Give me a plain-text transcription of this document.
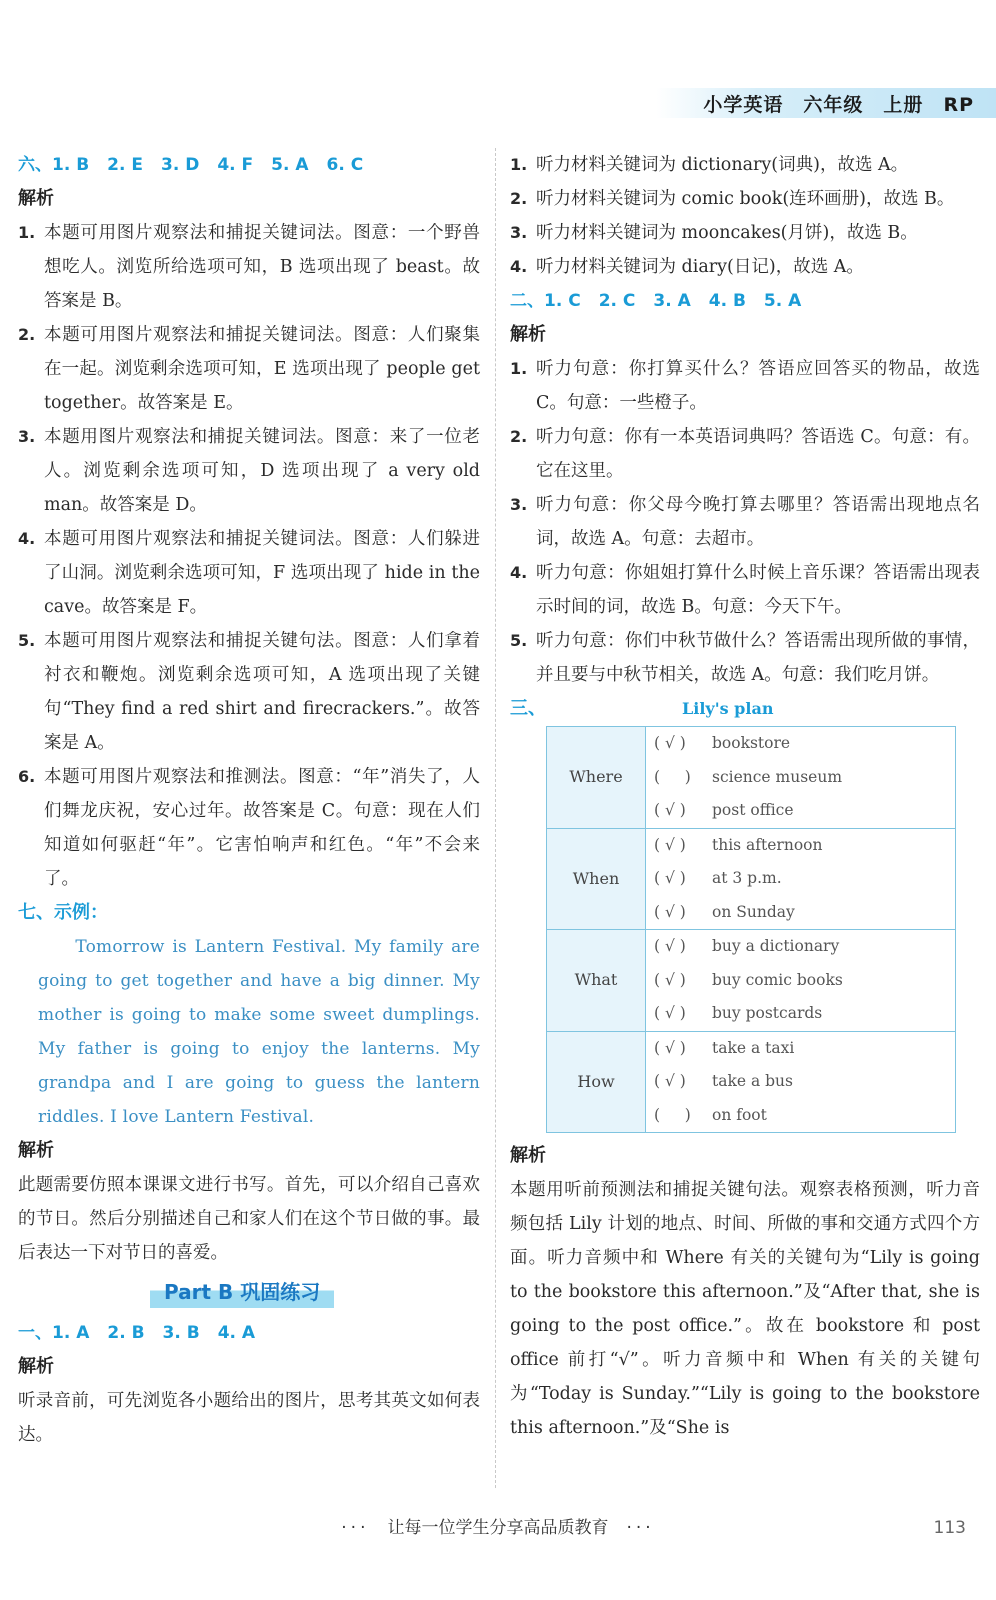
小学英语 六年级 上册 RP
六、1. B 2. E 3. D 4. F 5. A 6. C
解析
1. 本题可用图片观察法和捕捉关键词法。图意：一个野兽想吃人。浏览所给选项可知，B 选项出现了 beast。故答案是 B。
2. 本题可用图片观察法和捕捉关键词法。图意：人们聚集在一起。浏览剩余选项可知，E 选项出现了 people get together。故答案是 E。
3. 本题用图片观察法和捕捉关键词法。图意：来了一位老人。浏览剩余选项可知，D 选项出现了 a very old man。故答案是 D。
4. 本题可用图片观察法和捕捉关键词法。图意：人们躲进了山洞。浏览剩余选项可知，F 选项出现了 hide in the cave。故答案是 F。
5. 本题可用图片观察法和捕捉关键句法。图意：人们拿着衬衣和鞭炮。浏览剩余选项可知，A 选项出现了关键句“They find a red shirt and firecrackers.”。故答案是 A。
6. 本题可用图片观察法和推测法。图意：“年”消失了，人们舞龙庆祝，安心过年。故答案是 C。句意：现在人们知道如何驱赶“年”。它害怕响声和红色。“年”不会来了。
七、示例：
Tomorrow is Lantern Festival. My family are going to get together and have a big dinner. My mother is going to make some sweet dumplings. My father is going to enjoy the lanterns. My grandpa and I are going to guess the lantern riddles. I love Lantern Festival.
解析
此题需要仿照本课课文进行书写。首先，可以介绍自己喜欢的节日。然后分别描述自己和家人们在这个节日做的事。最后表达一下对节日的喜爱。
Part B 巩固练习
一、1. A 2. B 3. B 4. A
解析
听录音前，可先浏览各小题给出的图片，思考其英文如何表达。
1. 听力材料关键词为 dictionary(词典)，故选 A。
2. 听力材料关键词为 comic book(连环画册)，故选 B。
3. 听力材料关键词为 mooncakes(月饼)，故选 B。
4. 听力材料关键词为 diary(日记)，故选 A。
二、1. C 2. C 3. A 4. B 5. A
解析
1. 听力句意：你打算买什么？答语应回答买的物品，故选 C。句意：一些橙子。
2. 听力句意：你有一本英语词典吗？答语选 C。句意：有。它在这里。
3. 听力句意：你父母今晚打算去哪里？答语需出现地点名词，故选 A。句意：去超市。
4. 听力句意：你姐姐打算什么时候上音乐课？答语需出现表示时间的词，故选 B。句意：今天下午。
5. 听力句意：你们中秋节做什么？答语需出现所做的事情，并且要与中秋节相关，故选 A。句意：我们吃月饼。
三、	Lily's plan
Where	( √ ) bookstore
(     ) science museum
( √ ) post office

When	( √ ) this afternoon
( √ ) at 3 p.m.
( √ ) on Sunday

What	( √ ) buy a dictionary
( √ ) buy comic books
( √ ) buy postcards

How	( √ ) take a taxi
( √ ) take a bus
(     ) on foot
解析
本题用听前预测法和捕捉关键句法。观察表格预测，听力音频包括 Lily 计划的地点、时间、所做的事和交通方式四个方面。听力音频中和 Where 有关的关键句为“Lily is going to the bookstore this afternoon.”及“After that, she is going to the post office.”。故在 bookstore 和 post office 前打“√”。听力音频中和 When 有关的关键句为“Today is Sunday.”“Lily is going to the bookstore this afternoon.”及“She is
··· 让每一位学生分享高品质教育 ···	113
